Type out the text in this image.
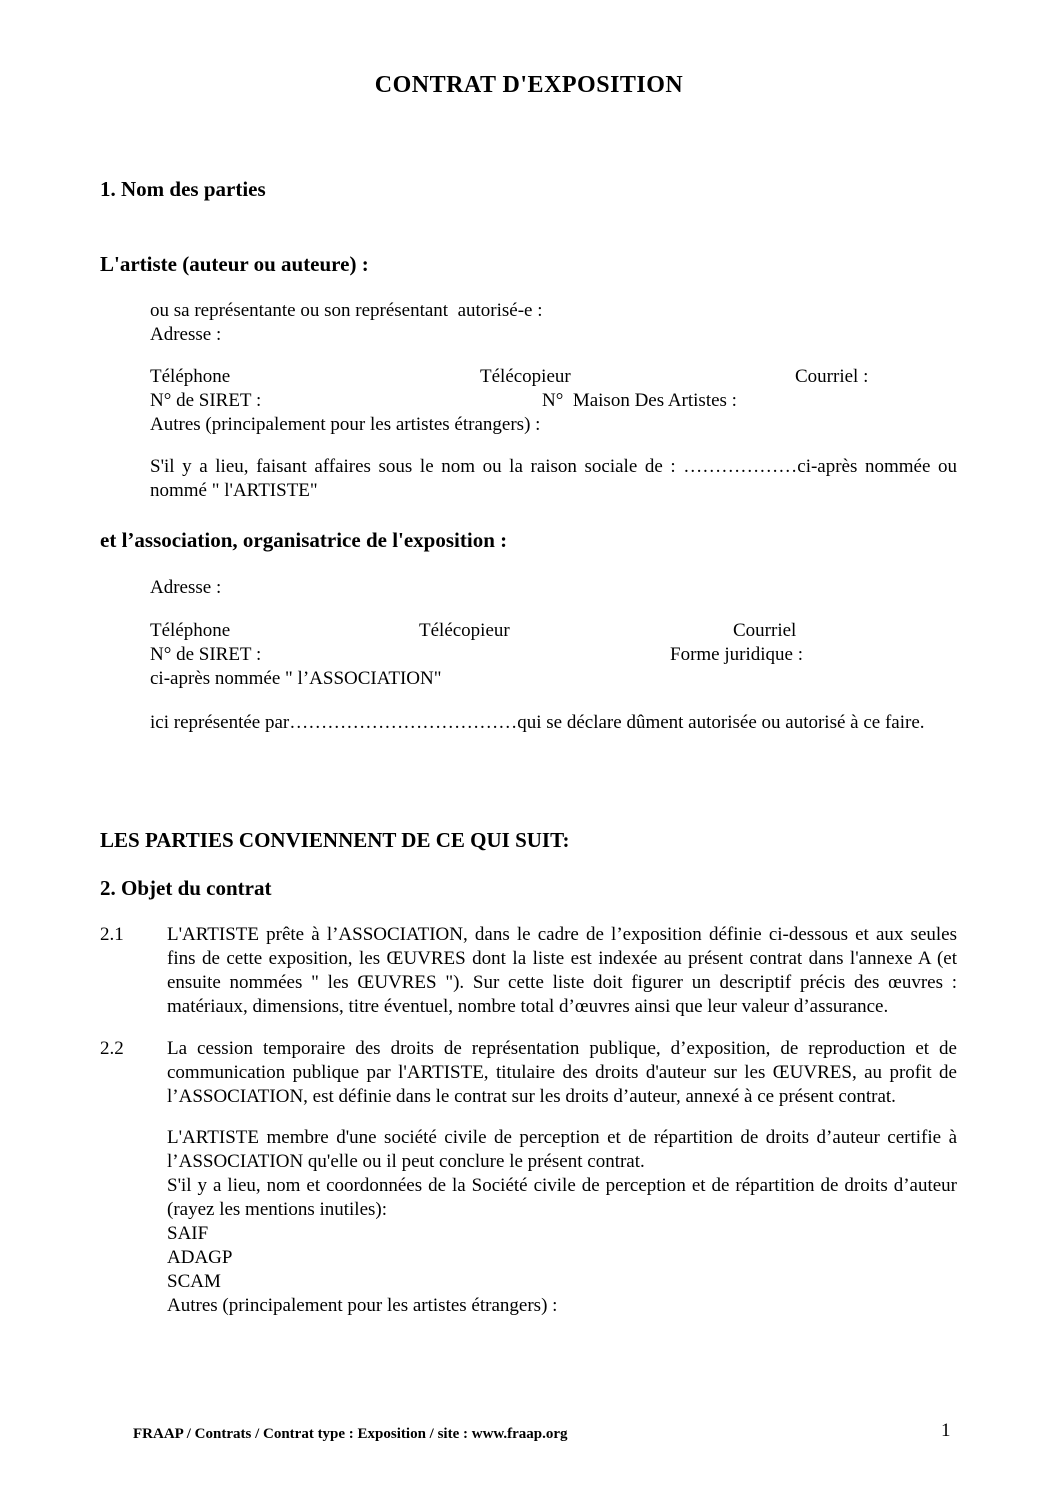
CONTRAT D'EXPOSITION
1. Nom des parties
L'artiste (auteur ou auteure) :

ou sa représentante ou son représentant  autorisé-e :

Adresse :

Téléphone	Télécopieur	Courriel :
N° de SIRET :	N°  Maison Des Artistes :

Autres (principalement pour les artistes étrangers) :

S'il y a lieu, faisant affaires sous le nom ou la raison sociale de : ………………ci-après nommée ou nommé " l'ARTISTE"

et l’association, organisatrice de l'exposition :

Adresse :

Téléphone	Télécopieur	Courriel
N° de SIRET :	Forme juridique :

ci-après nommée " l’ASSOCIATION"

ici représentée par………………………………qui se déclare dûment autorisée ou autorisé à ce faire.

LES PARTIES CONVIENNENT DE CE QUI SUIT:
2. Objet du contrat
2.1 L'ARTISTE prête à l’ASSOCIATION, dans le cadre de l’exposition définie ci-dessous et aux seules fins de cette exposition, les ŒUVRES dont la liste est indexée au présent contrat dans l'annexe A (et ensuite nommées " les ŒUVRES "). Sur cette liste doit figurer un descriptif précis des œuvres : matériaux, dimensions, titre éventuel, nombre total d’œuvres ainsi que leur valeur d’assurance.
2.2 La cession temporaire des droits de représentation publique, d’exposition, de reproduction et de communication publique par l'ARTISTE, titulaire des droits d'auteur sur les ŒUVRES, au profit de l’ASSOCIATION, est définie dans le contrat sur les droits d’auteur, annexé à ce présent contrat.

L'ARTISTE membre d'une société civile de perception et de répartition de droits d’auteur certifie à l’ASSOCIATION qu'elle ou il peut conclure le présent contrat.

S'il y a lieu, nom et coordonnées de la Société civile de perception et de répartition de droits d’auteur (rayez les mentions inutiles):

SAIF

ADAGP

SCAM

Autres (principalement pour les artistes étrangers) :

FRAAP / Contrats / Contrat type : Exposition / site : www.fraap.org	1
